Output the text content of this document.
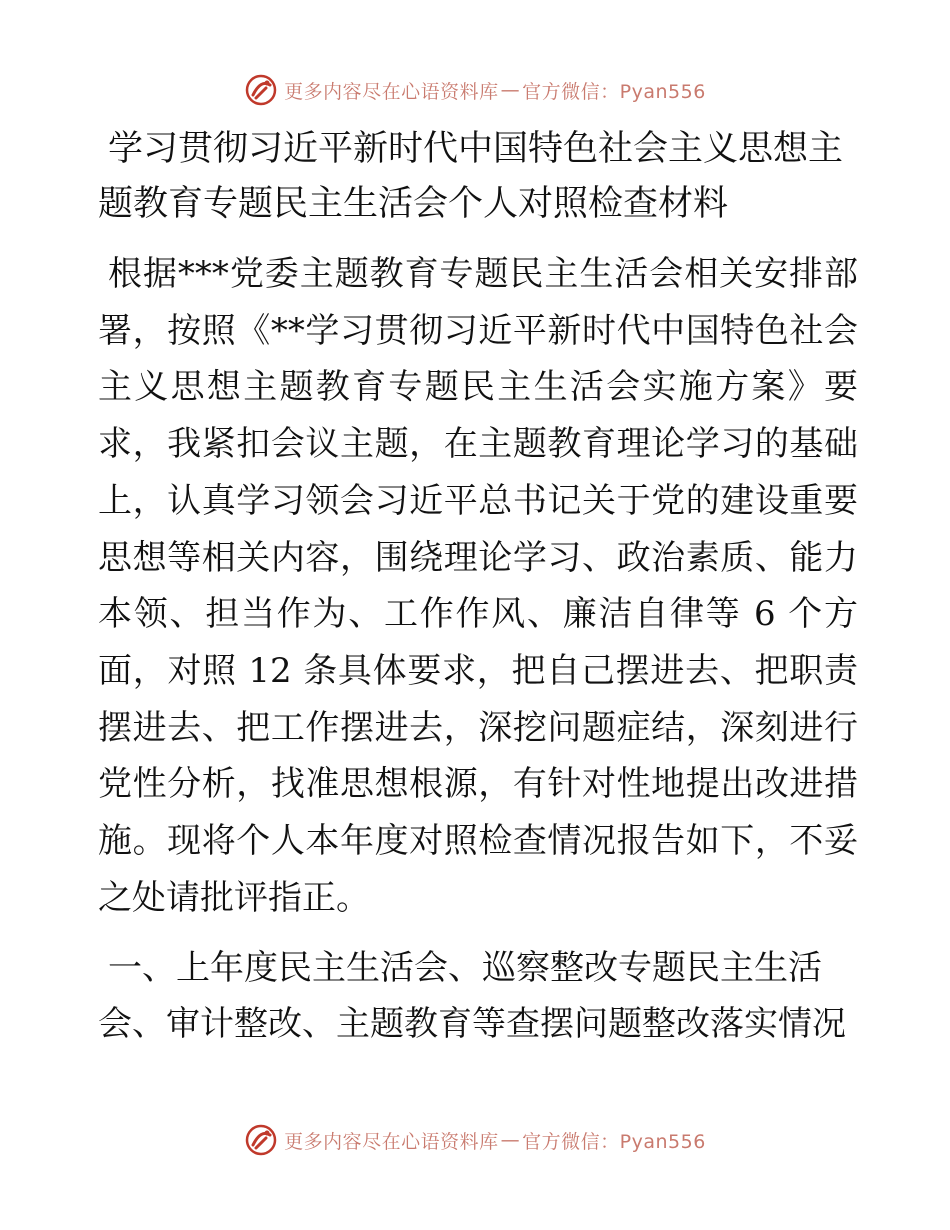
更多内容尽在心语资料库 — 官方微信：Pyan556
学习贯彻习近平新时代中国特色社会主义思想主题教育专题民主生活会个人对照检查材料

根据***党委主题教育专题民主生活会相关安排部署，按照《**学习贯彻习近平新时代中国特色社会主义思想主题教育专题民主生活会实施方案》要求，我紧扣会议主题，在主题教育理论学习的基础上，认真学习领会习近平总书记关于党的建设重要思想等相关内容，围绕理论学习、政治素质、能力本领、担当作为、工作作风、廉洁自律等 6 个方面，对照 12 条具体要求，把自己摆进去、把职责摆进去、把工作摆进去，深挖问题症结，深刻进行党性分析，找准思想根源，有针对性地提出改进措施。现将个人本年度对照检查情况报告如下，不妥之处请批评指正。

一、上年度民主生活会、巡察整改专题民主生活会、审计整改、主题教育等查摆问题整改落实情况
更多内容尽在心语资料库 — 官方微信：Pyan556
